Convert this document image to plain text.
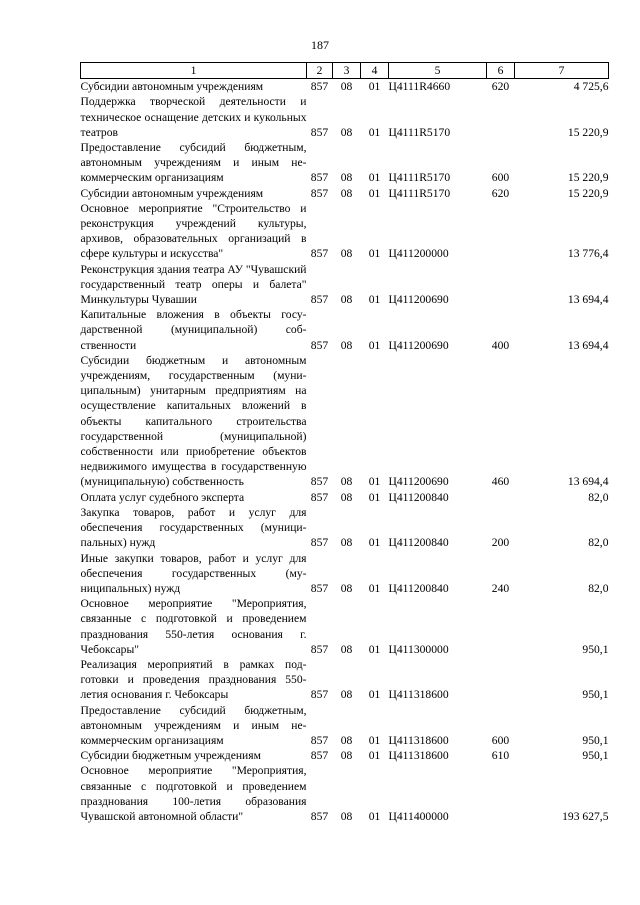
187
1	2	3	4	5	6	7
Субсидии автономным учреждениям	857	08	01	Ц4111R4660	620	4 725,6
Поддержка творческой деятельности и техническое оснащение детских и кукольных театров	857	08	01	Ц4111R5170		15 220,9
Предоставление субсидий бюджетным, автономным учреждениям и иным некоммерческим организациям	857	08	01	Ц4111R5170	600	15 220,9
Субсидии автономным учреждениям	857	08	01	Ц4111R5170	620	15 220,9
Основное мероприятие "Строительство и реконструкция учреждений культуры, архивов, образовательных организаций в сфере культуры и искусства"	857	08	01	Ц411200000		13 776,4
Реконструкция здания театра АУ "Чувашский государственный театр оперы и балета" Минкультуры Чувашии	857	08	01	Ц411200690		13 694,4
Капитальные вложения в объекты государственной (муниципальной) собственности	857	08	01	Ц411200690	400	13 694,4
Субсидии бюджетным и автономным учреждениям, государственным (муниципальным) унитарным предприятиям на осуществление капитальных вложений в объекты капитального строительства государственной (муниципальной) собственности или приобретение объектов недвижимого имущества в государственную (муниципальную) собственность	857	08	01	Ц411200690	460	13 694,4
Оплата услуг судебного эксперта	857	08	01	Ц411200840		82,0
Закупка товаров, работ и услуг для обеспечения государственных (муниципальных) нужд	857	08	01	Ц411200840	200	82,0
Иные закупки товаров, работ и услуг для обеспечения государственных (муниципальных) нужд	857	08	01	Ц411200840	240	82,0
Основное мероприятие "Мероприятия, связанные с подготовкой и проведением празднования 550-летия основания г. Чебоксары"	857	08	01	Ц411300000		950,1
Реализация мероприятий в рамках подготовки и проведения празднования 550-летия основания г. Чебоксары	857	08	01	Ц411318600		950,1
Предоставление субсидий бюджетным, автономным учреждениям и иным некоммерческим организациям	857	08	01	Ц411318600	600	950,1
Субсидии бюджетным учреждениям	857	08	01	Ц411318600	610	950,1
Основное мероприятие "Мероприятия, связанные с подготовкой и проведением празднования 100-летия образования Чувашской автономной области"	857	08	01	Ц411400000		193 627,5
